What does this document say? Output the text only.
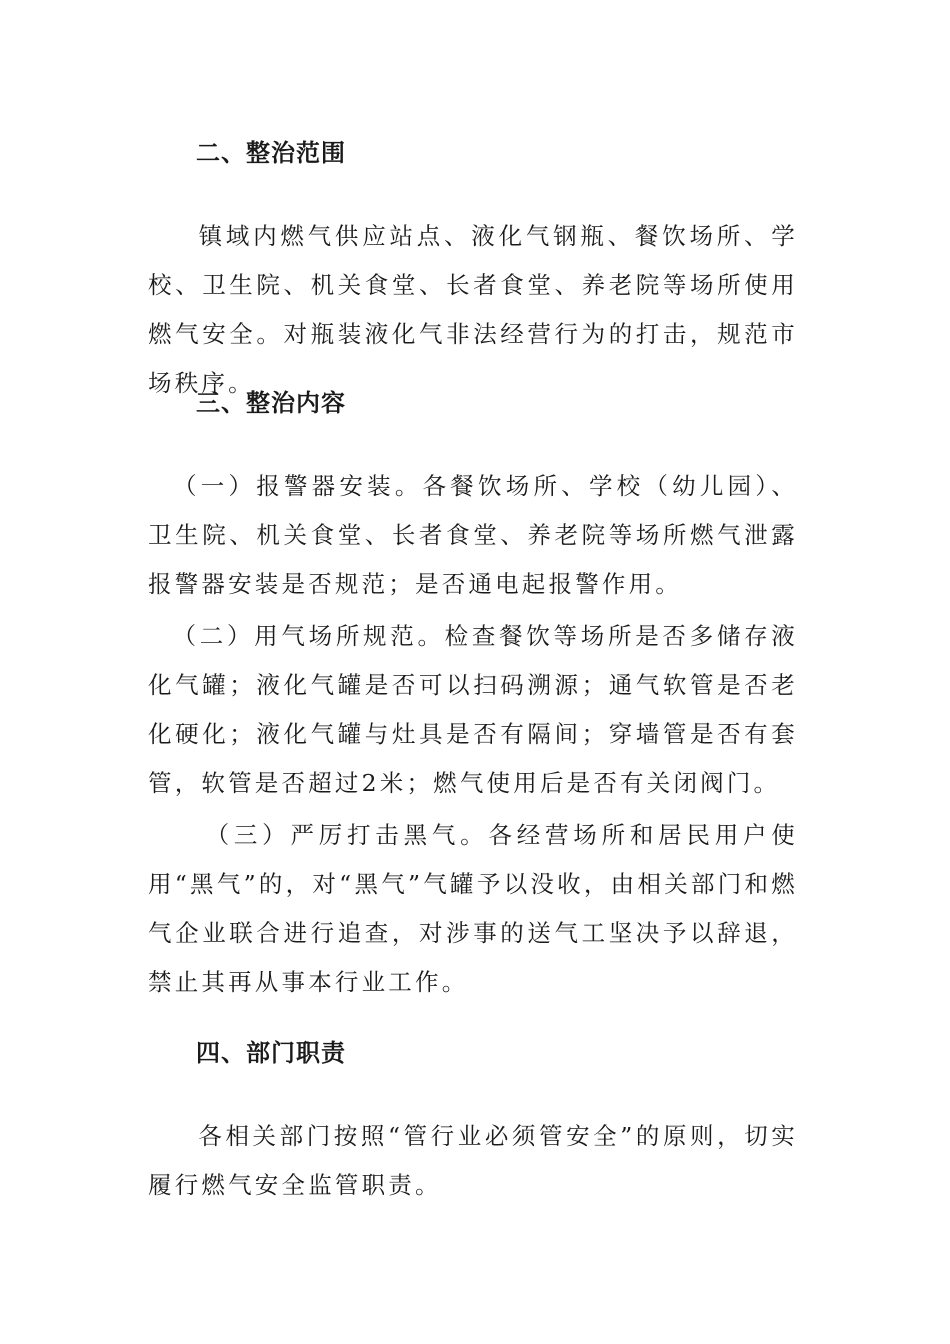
二、整治范围

镇域内燃气供应站点、液化气钢瓶、餐饮场所、学校、卫生院、机关食堂、长者食堂、养老院等场所使用燃气安全。对瓶装液化气非法经营行为的打击，规范市场秩序。

三、整治内容

（一）报警器安装。各餐饮场所、学校（幼儿园）、卫生院、机关食堂、长者食堂、养老院等场所燃气泄露报警器安装是否规范；是否通电起报警作用。

（二）用气场所规范。检查餐饮等场所是否多储存液化气罐；液化气罐是否可以扫码溯源；通气软管是否老化硬化；液化气罐与灶具是否有隔间；穿墙管是否有套管，软管是否超过2米；燃气使用后是否有关闭阀门。

（三）严厉打击黑气。各经营场所和居民用户使用“黑气”的，对“黑气”气罐予以没收，由相关部门和燃气企业联合进行追查，对涉事的送气工坚决予以辞退，禁止其再从事本行业工作。

四、部门职责

各相关部门按照“管行业必须管安全”的原则，切实履行燃气安全监管职责。
